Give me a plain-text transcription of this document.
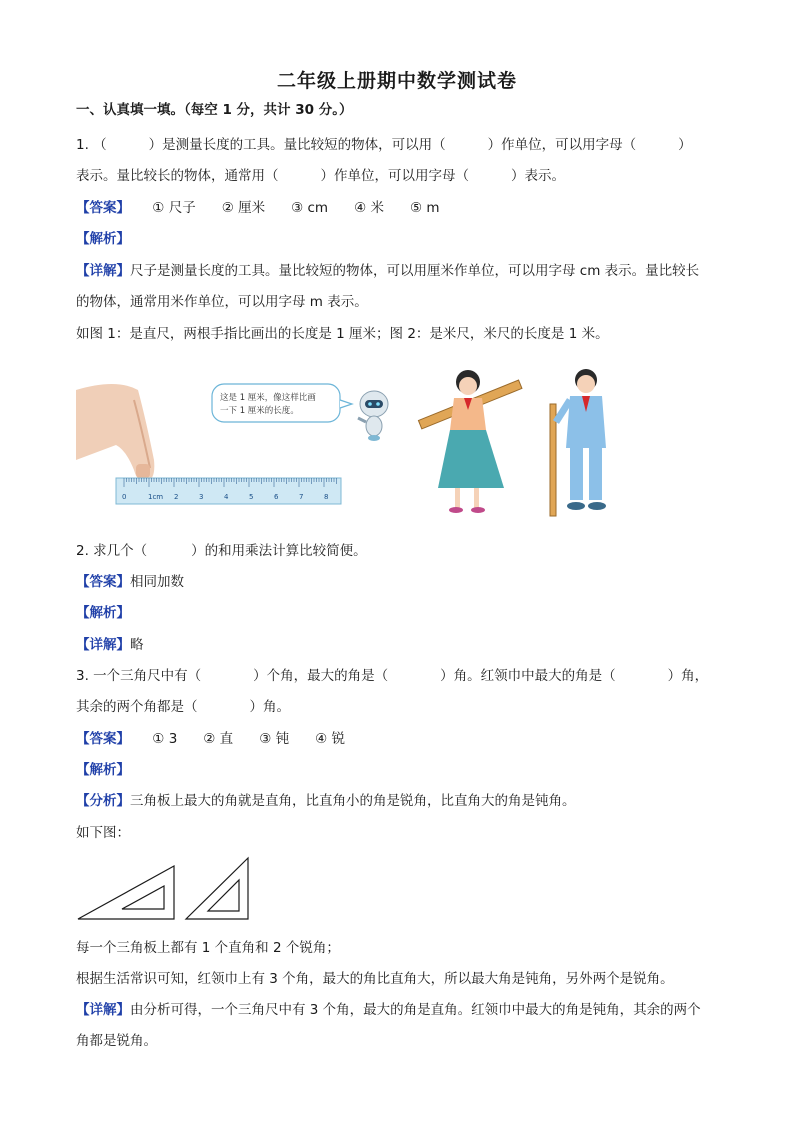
二年级上册期中数学测试卷
一、认真填一填。（每空 1 分，共计 30 分。）
1. （	）是测量长度的工具。量比较短的物体，可以用（	）作单位，可以用字母（	）
表示。量比较长的物体，通常用（	）作单位，可以用字母（	）表示。
【答案】 ① 尺子 ② 厘米 ③ cm ④ 米 ⑤ m
【解析】
【详解】尺子是测量长度的工具。量比较短的物体，可以用厘米作单位，可以用字母 cm 表示。量比较长
的物体，通常用米作单位，可以用字母 m 表示。
如图 1：是直尺，两根手指比画出的长度是 1 厘米；图 2：是米尺，米尺的长度是 1 米。
0	1cm 2	3	4	5	6	7	8
这是 1 厘米，像这样比画
一下 1 厘米的长度。
2. 求几个（	）的和用乘法计算比较简便。
【答案】相同加数
【解析】
【详解】略
3. 一个三角尺中有（	）个角，最大的角是（	）角。红领巾中最大的角是（	）角，
其余的两个角都是（	）角。
【答案】 ① 3 ② 直 ③ 钝 ④ 锐
【解析】
【分析】三角板上最大的角就是直角，比直角小的角是锐角，比直角大的角是钝角。
如下图：
每一个三角板上都有 1 个直角和 2 个锐角；
根据生活常识可知，红领巾上有 3 个角，最大的角比直角大，所以最大角是钝角，另外两个是锐角。
【详解】由分析可得，一个三角尺中有 3 个角，最大的角是直角。红领巾中最大的角是钝角，其余的两个
角都是锐角。
